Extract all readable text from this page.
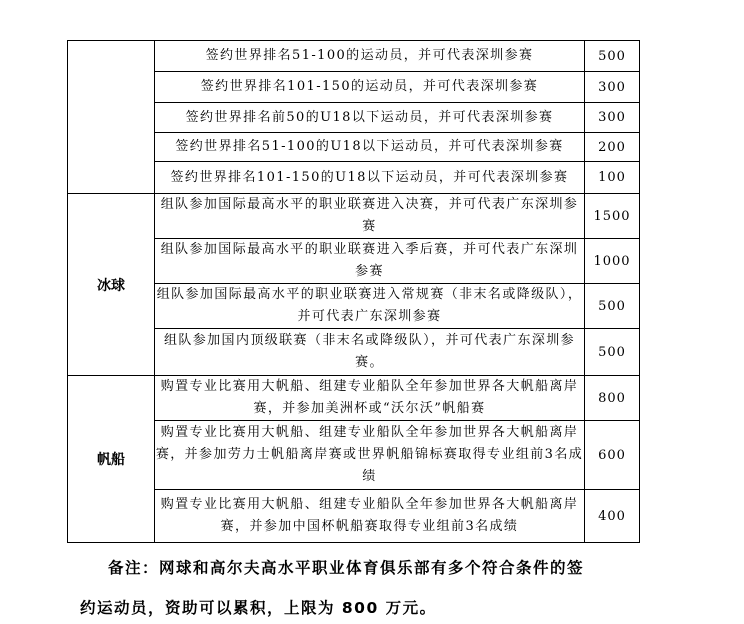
	签约世界排名51-100的运动员，并可代表深圳参赛	500
	签约世界排名101-150的运动员，并可代表深圳参赛	300
	签约世界排名前50的U18以下运动员，并可代表深圳参赛	300
	签约世界排名51-100的U18以下运动员，并可代表深圳参赛	200
	签约世界排名101-150的U18以下运动员，并可代表深圳参赛	100
冰球	组队参加国际最高水平的职业联赛进入决赛，并可代表广东深圳参赛	1500
	组队参加国际最高水平的职业联赛进入季后赛，并可代表广东深圳参赛	1000
	组队参加国际最高水平的职业联赛进入常规赛（非末名或降级队），并可代表广东深圳参赛	500
	组队参加国内顶级联赛（非末名或降级队），并可代表广东深圳参赛。	500
帆船	购置专业比赛用大帆船、组建专业船队全年参加世界各大帆船离岸赛，并参加美洲杯或“沃尔沃”帆船赛	800
	购置专业比赛用大帆船、组建专业船队全年参加世界各大帆船离岸赛，并参加劳力士帆船离岸赛或世界帆船锦标赛取得专业组前3名成绩	600
	购置专业比赛用大帆船、组建专业船队全年参加世界各大帆船离岸赛，并参加中国杯帆船赛取得专业组前3名成绩	400
备注：网球和高尔夫高水平职业体育俱乐部有多个符合条件的签
约运动员，资助可以累积，上限为 800 万元。
